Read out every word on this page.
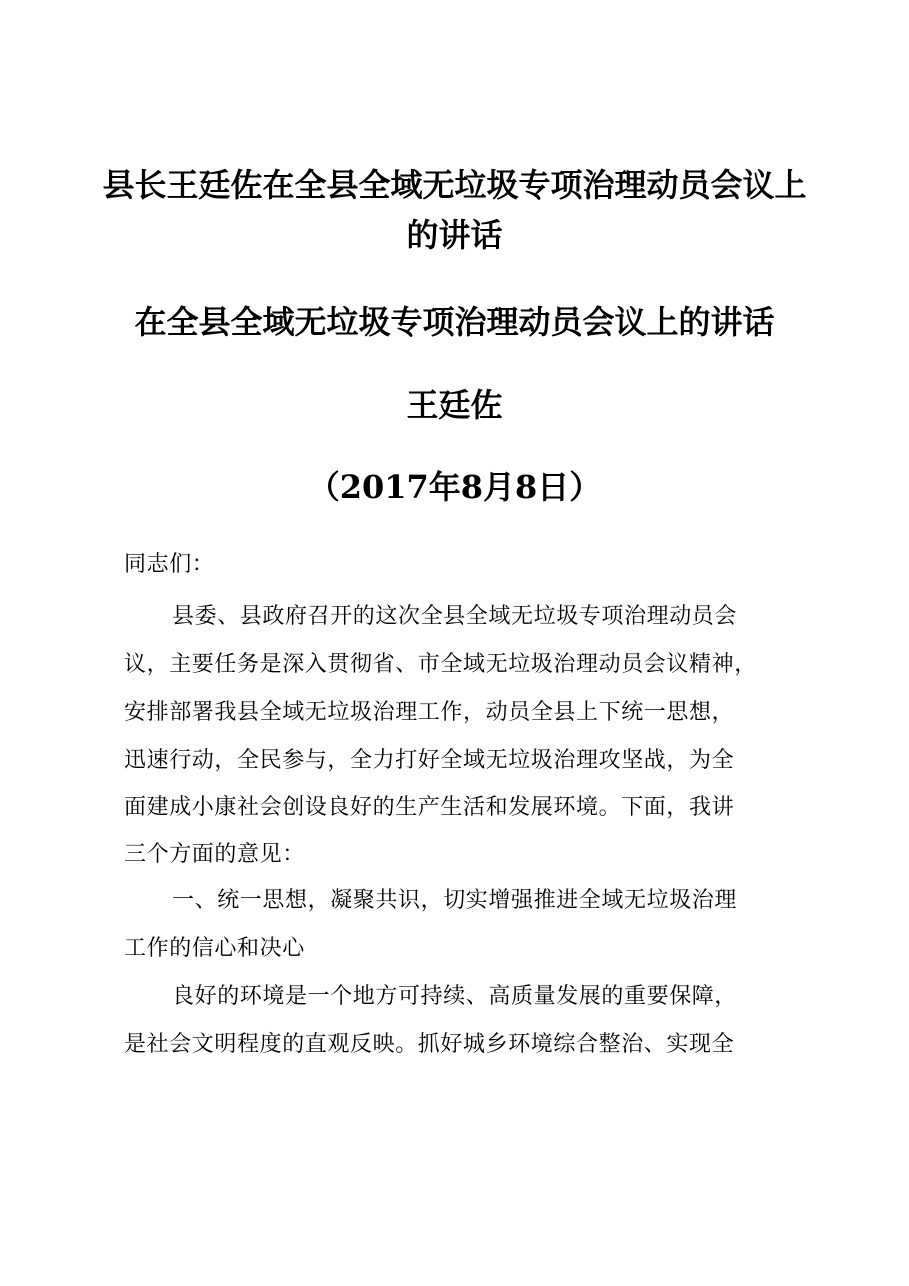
县长王廷佐在全县全域无垃圾专项治理动员会议上的讲话
在全县全域无垃圾专项治理动员会议上的讲话
王廷佐
（2017年8月8日）

同志们：

县委、县政府召开的这次全县全域无垃圾专项治理动员会

议，主要任务是深入贯彻省、市全域无垃圾治理动员会议精神，

安排部署我县全域无垃圾治理工作，动员全县上下统一思想，

迅速行动，全民参与，全力打好全域无垃圾治理攻坚战，为全

面建成小康社会创设良好的生产生活和发展环境。下面，我讲

三个方面的意见：

一、统一思想，凝聚共识，切实增强推进全域无垃圾治理

工作的信心和决心

良好的环境是一个地方可持续、高质量发展的重要保障，

是社会文明程度的直观反映。抓好城乡环境综合整治、实现全
